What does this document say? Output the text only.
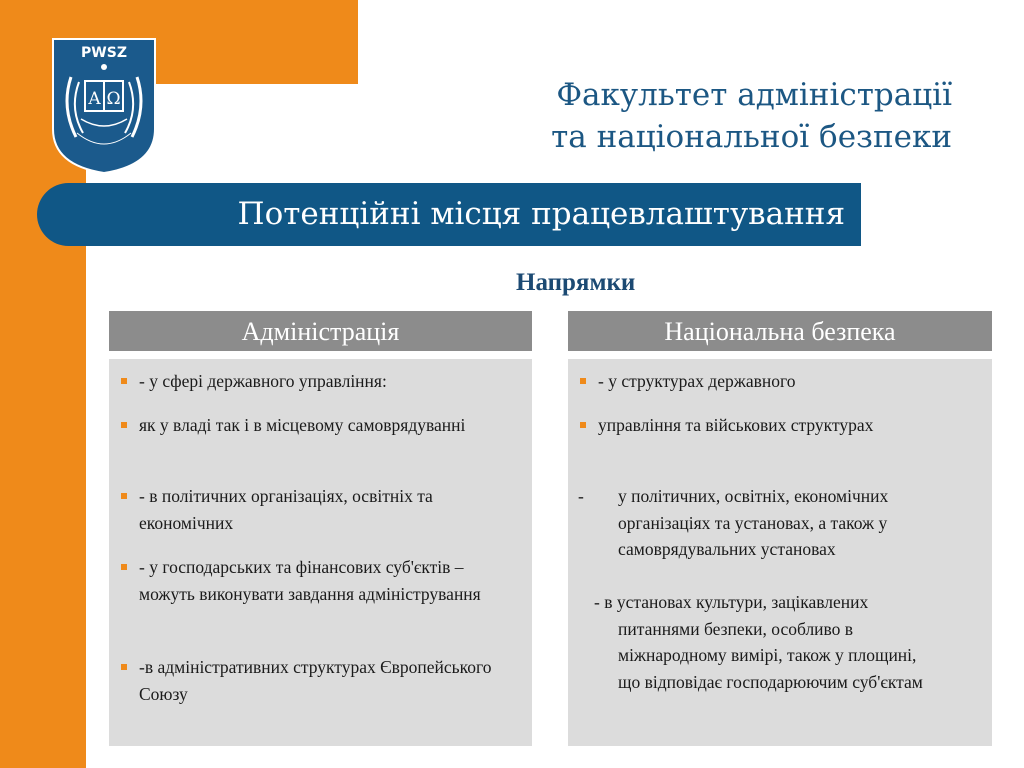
PWSZ
A Ω	Факультет адміністрації
та національної безпеки
Потенційні місця працевлаштування
Напрямки
Адміністрація
- у сфері державного управління:
як у владі так і в місцевому самоврядуванні
- в політичних організаціях, освітніх та економічних
- у господарських та фінансових суб'єктів – можуть виконувати завдання адміністрування
-в адміністративних структурах Європейського Союзу
Національна безпека
- у структурах державного
управління та військових структурах
- у політичних, освітніх, економічних організаціях та установах, а також у самоврядувальних установах
- в установах культури, зацікавлених
питаннями безпеки, особливо в міжнародному вимірі, також у площині, що відповідає господарюючим суб'єктам
